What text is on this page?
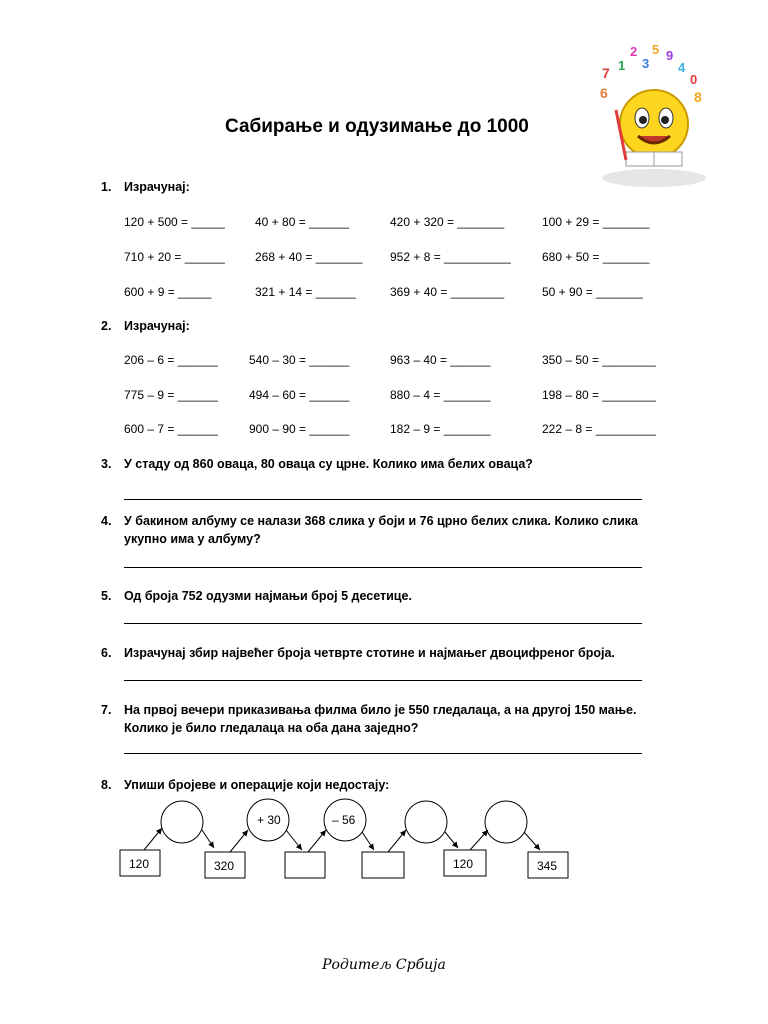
7 1
2
3
5 9
4
0
8
6
Сабирање и одузимање до 1000
1. Израчунај:
120 + 500 = _____	40 + 80 = ______	420 + 320 = _______	100 + 29 = _______
710 + 20 = ______	268 + 40 = _______ 952 + 8 = __________	680 + 50 = _______
600 + 9 = _____	321 + 14 = ______	369 + 40 = ________	50 + 90 = _______
2. Израчунај:
206 – 6 = ______	540 – 30 = ______	963 – 40 = ______	350 – 50 = ________
775 – 9 = ______	494 – 60 = ______	880 – 4 = _______	198 – 80 = ________
600 – 7 = ______	900 – 90 = ______	182 – 9 = _______	222 – 8 = _________
3. У стаду од 860 оваца, 80 оваца су црне. Колико има белих оваца?
4. У бакином албуму се налази 368 слика у боји и 76 црно белих слика. Колико слика
укупно има у албуму?
5. Од броја 752 одузми најмањи број 5 десетице.
6. Израчунај збир највећег броја четврте стотине и најмањег двоцифреног броја.
7. На првој вечери приказивања филма било је 550 гледалаца, а на другој 150 мање.
Колико је било гледалаца на оба дана заједно?
8. Упиши бројеве и операције који недостају:
120	320	120	345
+ 30	– 56
Родитељ Србија
